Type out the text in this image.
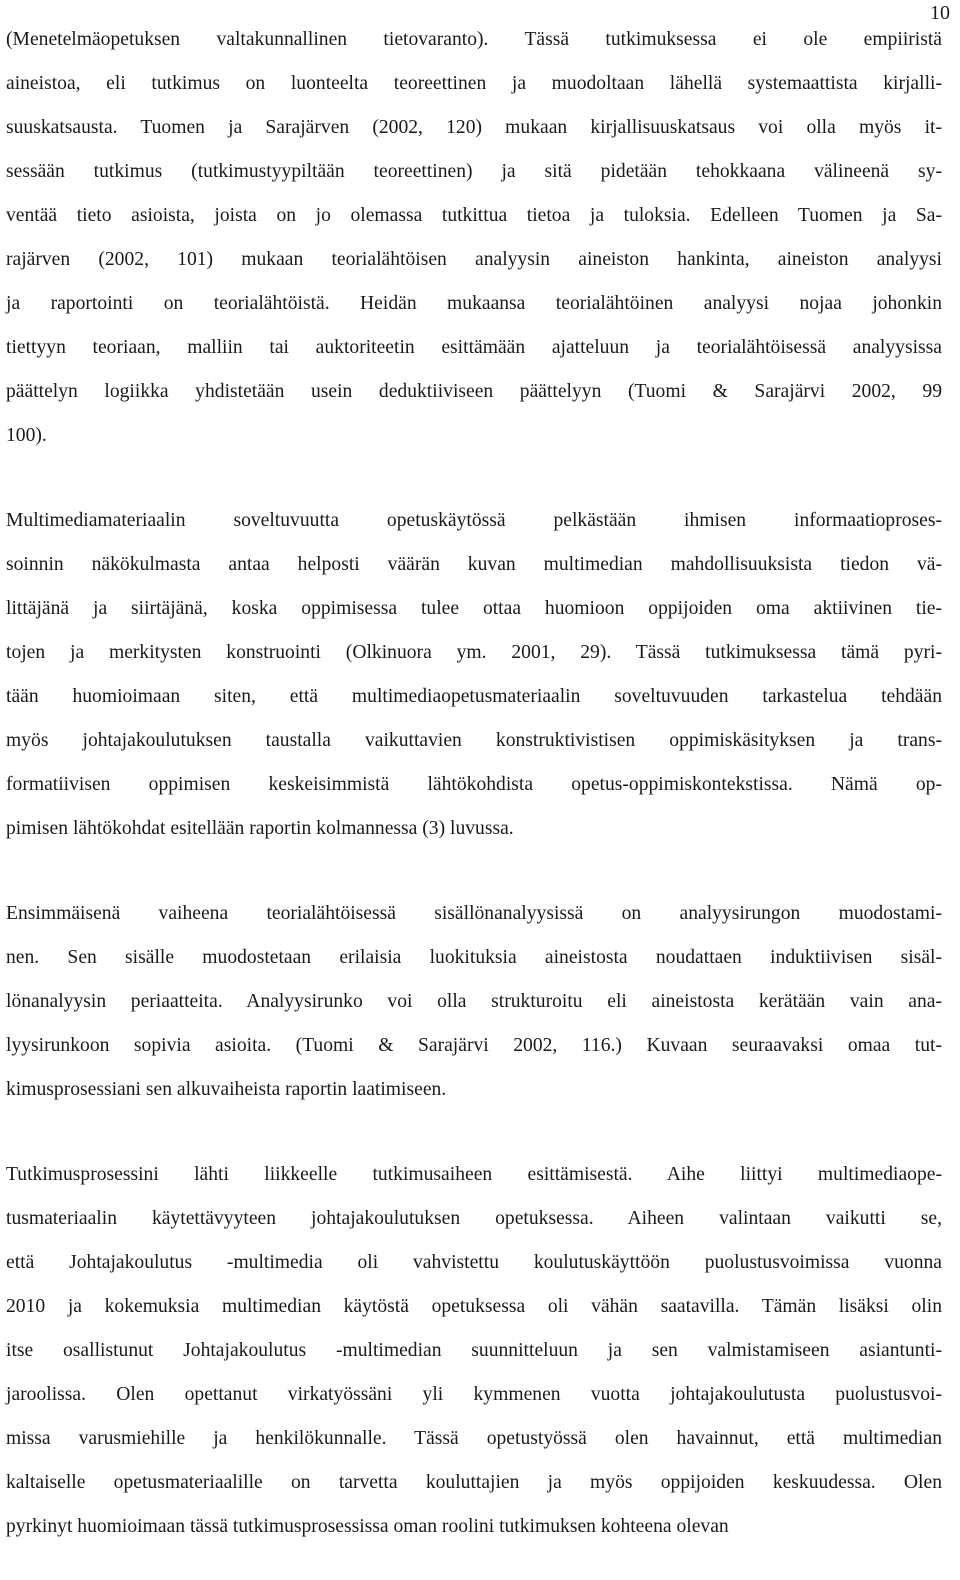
10
(Menetelmäopetuksen valtakunnallinen tietovaranto). Tässä tutkimuksessa ei ole empiiristä
aineistoa, eli tutkimus on luonteelta teoreettinen ja muodoltaan lähellä systemaattista kirjalli-
suuskatsausta. Tuomen ja Sarajärven (2002, 120) mukaan kirjallisuuskatsaus voi olla myös it-
sessään tutkimus (tutkimustyypiltään teoreettinen) ja sitä pidetään tehokkaana välineenä sy-
ventää tieto asioista, joista on jo olemassa tutkittua tietoa ja tuloksia. Edelleen Tuomen ja Sa-
rajärven (2002, 101) mukaan teorialähtöisen analyysin aineiston hankinta, aineiston analyysi
ja raportointi on teorialähtöistä. Heidän mukaansa teorialähtöinen analyysi nojaa johonkin
tiettyyn teoriaan, malliin tai auktoriteetin esittämään ajatteluun ja teorialähtöisessä analyysissa
päättelyn logiikka yhdistetään usein deduktiiviseen päättelyyn (Tuomi & Sarajärvi 2002, 99
100).
Multimediamateriaalin soveltuvuutta opetuskäytössä pelkästään ihmisen informaatioproses-
soinnin näkökulmasta antaa helposti väärän kuvan multimedian mahdollisuuksista tiedon vä-
littäjänä ja siirtäjänä, koska oppimisessa tulee ottaa huomioon oppijoiden oma aktiivinen tie-
tojen ja merkitysten konstruointi (Olkinuora ym. 2001, 29). Tässä tutkimuksessa tämä pyri-
tään huomioimaan siten, että multimediaopetusmateriaalin soveltuvuuden tarkastelua tehdään
myös johtajakoulutuksen taustalla vaikuttavien konstruktivistisen oppimiskäsityksen ja trans-
formatiivisen oppimisen keskeisimmistä lähtökohdista opetus-oppimiskontekstissa. Nämä op-
pimisen lähtökohdat esitellään raportin kolmannessa (3) luvussa.
Ensimmäisenä vaiheena teorialähtöisessä sisällönanalyysissä on analyysirungon muodostami-
nen. Sen sisälle muodostetaan erilaisia luokituksia aineistosta noudattaen induktiivisen sisäl-
lönanalyysin periaatteita. Analyysirunko voi olla strukturoitu eli aineistosta kerätään vain ana-
lyysirunkoon sopivia asioita. (Tuomi & Sarajärvi 2002, 116.) Kuvaan seuraavaksi omaa tut-
kimusprosessiani sen alkuvaiheista raportin laatimiseen.
Tutkimusprosessini lähti liikkeelle tutkimusaiheen esittämisestä. Aihe liittyi multimediaope-
tusmateriaalin käytettävyyteen johtajakoulutuksen opetuksessa. Aiheen valintaan vaikutti se,
että Johtajakoulutus -multimedia oli vahvistettu koulutuskäyttöön puolustusvoimissa vuonna
2010 ja kokemuksia multimedian käytöstä opetuksessa oli vähän saatavilla. Tämän lisäksi olin
itse osallistunut Johtajakoulutus -multimedian suunnitteluun ja sen valmistamiseen asiantunti-
jaroolissa. Olen opettanut virkatyössäni yli kymmenen vuotta johtajakoulutusta puolustusvoi-
missa varusmiehille ja henkilökunnalle. Tässä opetustyössä olen havainnut, että multimedian
kaltaiselle opetusmateriaalille on tarvetta kouluttajien ja myös oppijoiden keskuudessa. Olen
pyrkinyt huomioimaan tässä tutkimusprosessissa oman roolini tutkimuksen kohteena olevan
